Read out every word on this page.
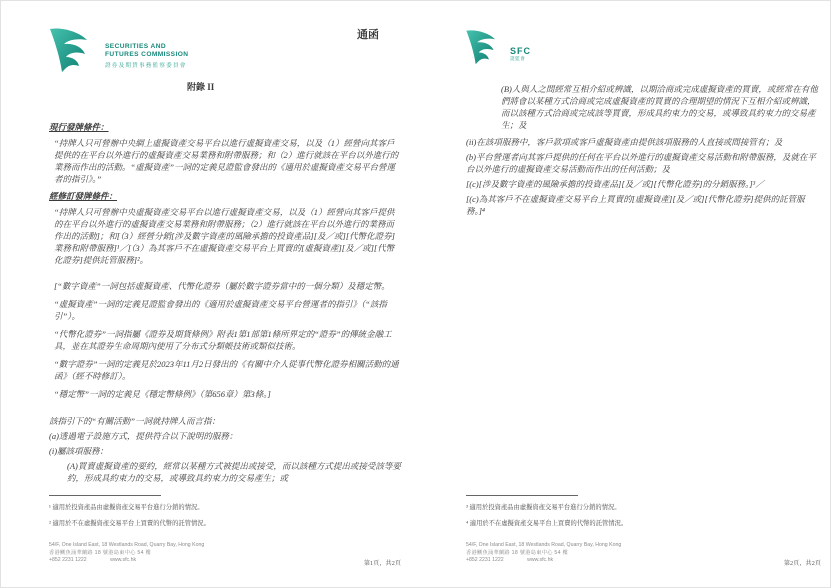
SECURITIES AND
FUTURES COMMISSION
證券及期貨事務監察委員會
通函
附錄 II
現行發牌條件：

“持牌人只可營辦中央網上虛擬資產交易平台以進行虛擬資產交易，以及（1）經營向其客戶提供的在平台以外進行的虛擬資產交易業務和附帶服務；和（2）進行就該在平台以外進行的業務而作出的活動。“虛擬資產”一詞的定義見證監會發出的《適用於虛擬資產交易平台營運者的指引》。”

經修訂發牌條件：

“持牌人只可營辦中央虛擬資產交易平台以進行虛擬資產交易，以及（1）經營向其客戶提供的在平台以外進行的虛擬資產交易業務和附帶服務；（2）進行就該在平台以外進行的業務而作出的活動]；和[（3）經營分銷[涉及數字資產的風險承擔的投資產品][及／或][代幣化證券]業務和附帶服務]¹／[（3）為其客戶不在虛擬資產交易平台上買賣的[虛擬資產][及／或][代幣化證券]提供託管服務]²。

[“數字資產”一詞包括虛擬資產、代幣化證券（屬於數字證券當中的一個分類）及穩定幣。

“虛擬資產”一詞的定義見證監會發出的《適用於虛擬資產交易平台營運者的指引》（“該指引”）。

“代幣化證券”一詞指屬《證券及期貨條例》附表1第1部第1條所界定的“證券”的傳統金融工具，並在其證券生命周期內使用了分布式分類帳技術或類似技術。

“數字證券”一詞的定義見於2023年11月2日發出的《有關中介人從事代幣化證券相關活動的通函》（經不時修訂）。

“穩定幣”一詞的定義見《穩定幣條例》（第656章）第3條。]

該指引下的“有關活動”一詞就持牌人而言指：

(a)透過電子設施方式，提供符合以下說明的服務：

(i)屬該項服務：

(A)買賣虛擬資產的要約，經常以某種方式被提出或接受，而以該種方式提出或接受該等要約，形成具約束力的交易，或導致具約束力的交易產生；或

¹ 適用於投資產品由虛擬資產交易平台進行分銷的情況。

² 適用於不在虛擬資產交易平台上買賣的代幣的託管情況。

54/F, One Island East, 18 Westlands Road, Quarry Bay, Hong Kong
香港鰂魚涌華蘭路 18 號港島東中心 54 樓
+852 2231 1222	www.sfc.hk	第1頁，共2頁
SFC
證監會

(B)人與人之間經常互相介紹或辨識，以期洽商或完成虛擬資產的買賣，或經常在有他們將會以某種方式洽商或完成虛擬資產的買賣的合理期望的情況下互相介紹或辨識，而以該種方式洽商或完成該等買賣，形成具約束力的交易，或導致具約束力的交易產生；及

(ii)在該項服務中，客戶款項或客戶虛擬資產由提供該項服務的人直接或間接管有；及

(b)平台營運者向其客戶提供的任何在平台以外進行的虛擬資產交易活動和附帶服務，及就在平台以外進行的虛擬資產交易活動而作出的任何活動；及

[(c)[涉及數字資產的風險承擔的投資產品][及／或][代幣化證券]的分銷服務。]³／

[(c)為其客戶不在虛擬資產交易平台上買賣的[虛擬資產][及／或][代幣化證券]提供的託管服務。]⁴

³ 適用於投資產品由虛擬資產交易平台進行分銷的情況。

⁴ 適用於不在虛擬資產交易平台上買賣的代幣的託管情況。

54/F, One Island East, 18 Westlands Road, Quarry Bay, Hong Kong
香港鰂魚涌華蘭路 18 號港島東中心 54 樓
+852 2231 1222	www.sfc.hk	第2頁，共2頁
